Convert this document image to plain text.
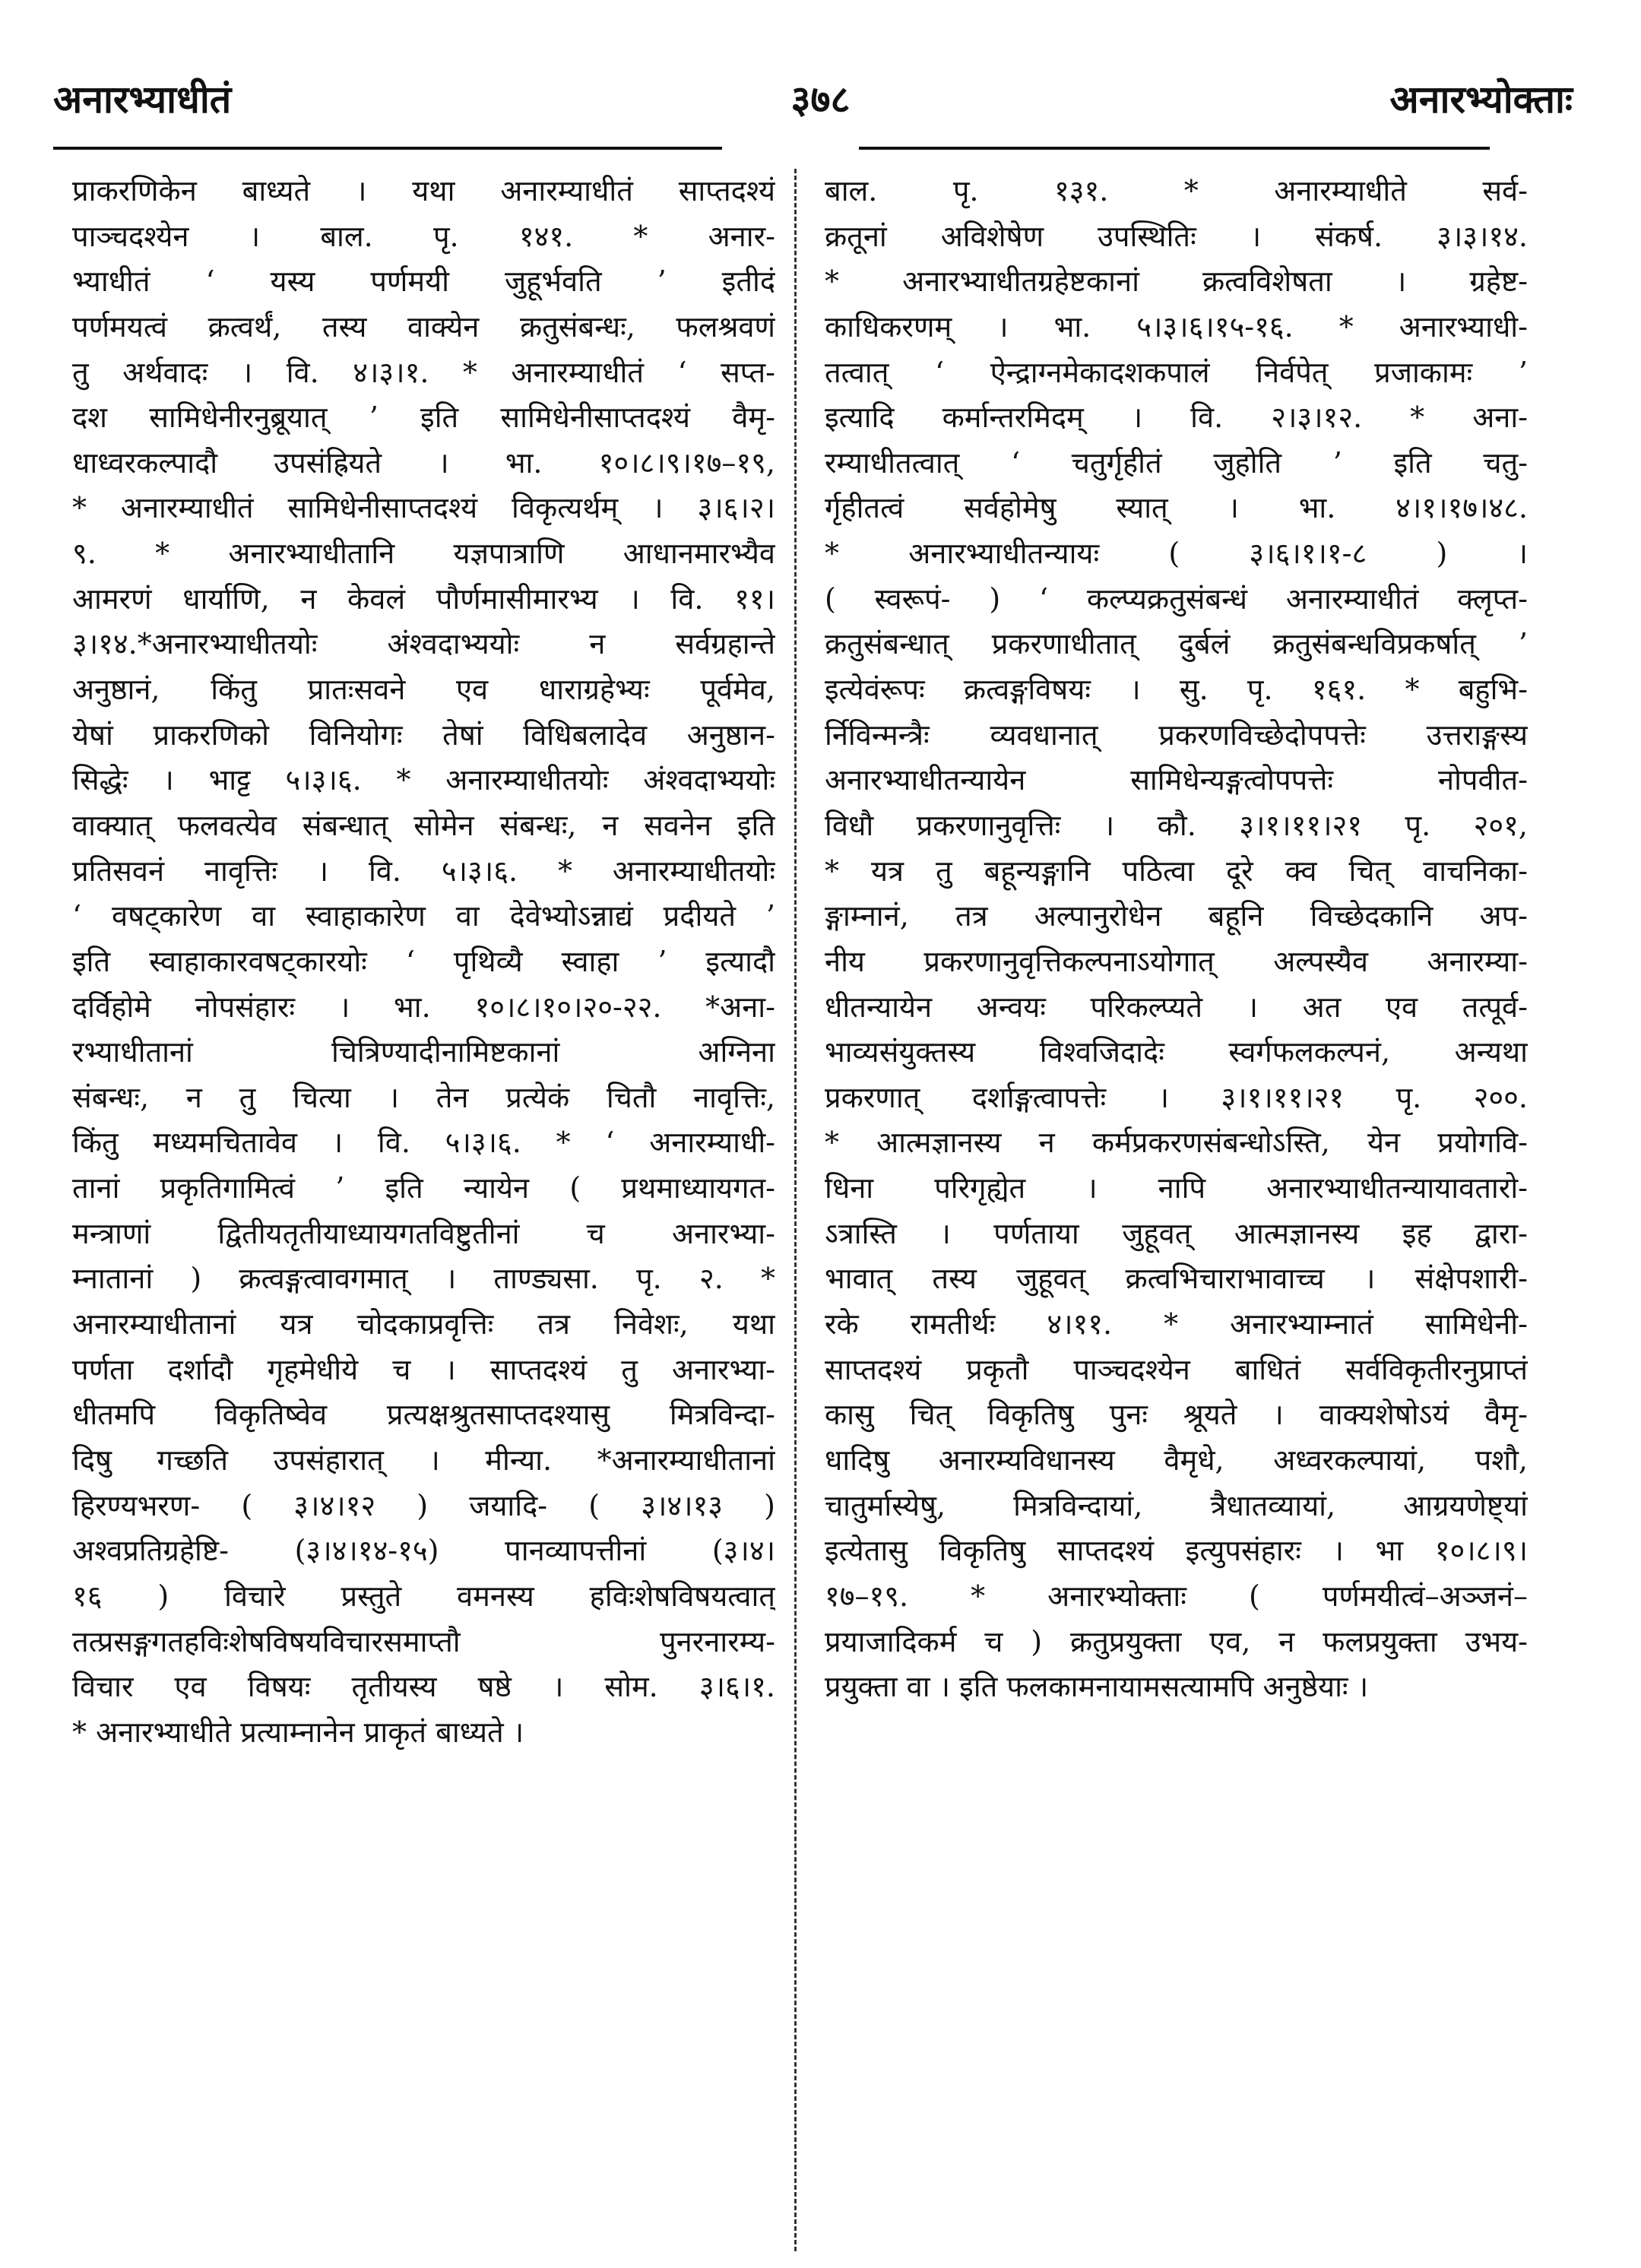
अनारभ्याधीतं	३७८	अनारभ्योक्ताः
प्राकरणिकेन बाध्यते । यथा अनारम्याधीतं साप्तदश्यं
पाञ्चदश्येन । बाल. पृ. १४१. * अनार-
भ्याधीतं ‘ यस्य पर्णमयी जुहूर्भवति ’ इतीदं
पर्णमयत्वं क्रत्वर्थं, तस्य वाक्येन क्रतुसंबन्धः, फलश्रवणं
तु अर्थवादः । वि. ४।३।१. * अनारम्याधीतं ‘ सप्त-
दश सामिधेनीरनुब्रूयात् ’ इति सामिधेनीसाप्तदश्यं वैमृ-
धाध्वरकल्पादौ उपसंह्रियते । भा. १०।८।९।१७–१९,
* अनारम्याधीतं सामिधेनीसाप्तदश्यं विकृत्यर्थम् । ३।६।२।
९. * अनारभ्याधीतानि यज्ञपात्राणि आधानमारभ्यैव
आमरणं धार्याणि, न केवलं पौर्णमासीमारभ्य । वि. ११।
३।१४.*अनारभ्याधीतयोः अंश्वदाभ्ययोः न सर्वग्रहान्ते
अनुष्ठानं, किंतु प्रातःसवने एव धाराग्रहेभ्यः पूर्वमेव,
येषां प्राकरणिको विनियोगः तेषां विधिबलादेव अनुष्ठान-
सिद्धेः । भाट्ट ५।३।६. * अनारम्याधीतयोः अंश्वदाभ्ययोः
वाक्यात् फलवत्येव संबन्धात् सोमेन संबन्धः, न सवनेन इति
प्रतिसवनं नावृत्तिः । वि. ५।३।६. * अनारम्याधीतयोः
‘ वषट्कारेण वा स्वाहाकारेण वा देवेभ्योऽन्नाद्यं प्रदीयते ’
इति स्वाहाकारवषट्कारयोः ‘ पृथिव्यै स्वाहा ’ इत्यादौ
दर्विहोमे नोपसंहारः । भा. १०।८।१०।२०-२२. *अना-
रभ्याधीतानां चित्रिण्यादीनामिष्टकानां अग्निना
संबन्धः, न तु चित्या । तेन प्रत्येकं चितौ नावृत्तिः,
किंतु मध्यमचितावेव । वि. ५।३।६. * ‘ अनारम्याधी-
तानां प्रकृतिगामित्वं ’ इति न्यायेन ( प्रथमाध्यायगत-
मन्त्राणां द्वितीयतृतीयाध्यायगतविष्टुतीनां च अनारभ्या-
म्नातानां ) क्रत्वङ्गत्वावगमात् । ताण्ड्यसा. पृ. २. *
अनारम्याधीतानां यत्र चोदकाप्रवृत्तिः तत्र निवेशः, यथा
पर्णता दर्शादौ गृहमेधीये च । साप्तदश्यं तु अनारभ्या-
धीतमपि विकृतिष्वेव प्रत्यक्षश्रुतसाप्तदश्यासु मित्रविन्दा-
दिषु गच्छति उपसंहारात् । मीन्या. *अनारम्याधीतानां
हिरण्यभरण- ( ३।४।१२ ) जयादि- ( ३।४।१३ )
अश्वप्रतिग्रहेष्टि- (३।४।१४-१५) पानव्यापत्तीनां (३।४।
१६ ) विचारे प्रस्तुते वमनस्य हविःशेषविषयत्वात्
तत्प्रसङ्गगतहविःशेषविषयविचारसमाप्तौ पुनरनारम्य-
विचार एव विषयः तृतीयस्य षष्ठे । सोम. ३।६।१.
* अनारभ्याधीते प्रत्याम्नानेन प्राकृतं बाध्यते ।
बाल. पृ. १३१. * अनारम्याधीते सर्व-
क्रतूनां अविशेषेण उपस्थितिः । संकर्ष. ३।३।१४.
* अनारभ्याधीतग्रहेष्टकानां क्रत्वविशेषता । ग्रहेष्ट-
काधिकरणम् । भा. ५।३।६।१५-१६. * अनारभ्याधी-
तत्वात् ‘ ऐन्द्राग्नमेकादशकपालं निर्वपेत् प्रजाकामः ’
इत्यादि कर्मान्तरमिदम् । वि. २।३।१२. * अना-
रम्याधीतत्वात् ‘ चतुर्गृहीतं जुहोति ’ इति चतु-
र्गृहीतत्वं सर्वहोमेषु स्यात् । भा. ४।१।१७।४८.
* अनारभ्याधीतन्यायः ( ३।६।१।१-८ ) ।
( स्वरूपं- ) ‘ कल्प्यक्रतुसंबन्धं अनारम्याधीतं क्लृप्त-
क्रतुसंबन्धात् प्रकरणाधीतात् दुर्बलं क्रतुसंबन्धविप्रकर्षात् ’
इत्येवंरूपः क्रत्वङ्गविषयः । सु. पृ. १६१. * बहुभि-
र्निविन्मन्त्रैः व्यवधानात् प्रकरणविच्छेदोपपत्तेः उत्तराङ्गस्य
अनारभ्याधीतन्यायेन सामिधेन्यङ्गत्वोपपत्तेः नोपवीत-
विधौ प्रकरणानुवृत्तिः । कौ. ३।१।११।२१ पृ. २०१,
* यत्र तु बहून्यङ्गानि पठित्वा दूरे क्व चित् वाचनिका-
ङ्गाम्नानं, तत्र अल्पानुरोधेन बहूनि विच्छेदकानि अप-
नीय प्रकरणानुवृत्तिकल्पनाऽयोगात् अल्पस्यैव अनारम्या-
धीतन्यायेन अन्वयः परिकल्प्यते । अत एव तत्पूर्व-
भाव्यसंयुक्तस्य विश्वजिदादेः स्वर्गफलकल्पनं, अन्यथा
प्रकरणात् दर्शाङ्गत्वापत्तेः । ३।१।११।२१ पृ. २००.
* आत्मज्ञानस्य न कर्मप्रकरणसंबन्धोऽस्ति, येन प्रयोगवि-
धिना परिगृह्येत । नापि अनारभ्याधीतन्यायावतारो-
ऽत्रास्ति । पर्णताया जुहूवत् आत्मज्ञानस्य इह द्वारा-
भावात् तस्य जुहूवत् क्रत्वभिचाराभावाच्च । संक्षेपशारी-
रके रामतीर्थः ४।११. * अनारभ्याम्नातं सामिधेनी-
साप्तदश्यं प्रकृतौ पाञ्चदश्येन बाधितं सर्वविकृतीरनुप्राप्तं
कासु चित् विकृतिषु पुनः श्रूयते । वाक्यशेषोऽयं वैमृ-
धादिषु अनारम्यविधानस्य वैमृधे, अध्वरकल्पायां, पशौ,
चातुर्मास्येषु, मित्रविन्दायां, त्रैधातव्यायां, आग्रयणेष्ट्यां
इत्येतासु विकृतिषु साप्तदश्यं इत्युपसंहारः । भा १०।८।९।
१७–१९. * अनारभ्योक्ताः ( पर्णमयीत्वं–अञ्जनं–
प्रयाजादिकर्म च ) क्रतुप्रयुक्ता एव, न फलप्रयुक्ता उभय-
प्रयुक्ता वा । इति फलकामनायामसत्यामपि अनुष्ठेयाः ।
